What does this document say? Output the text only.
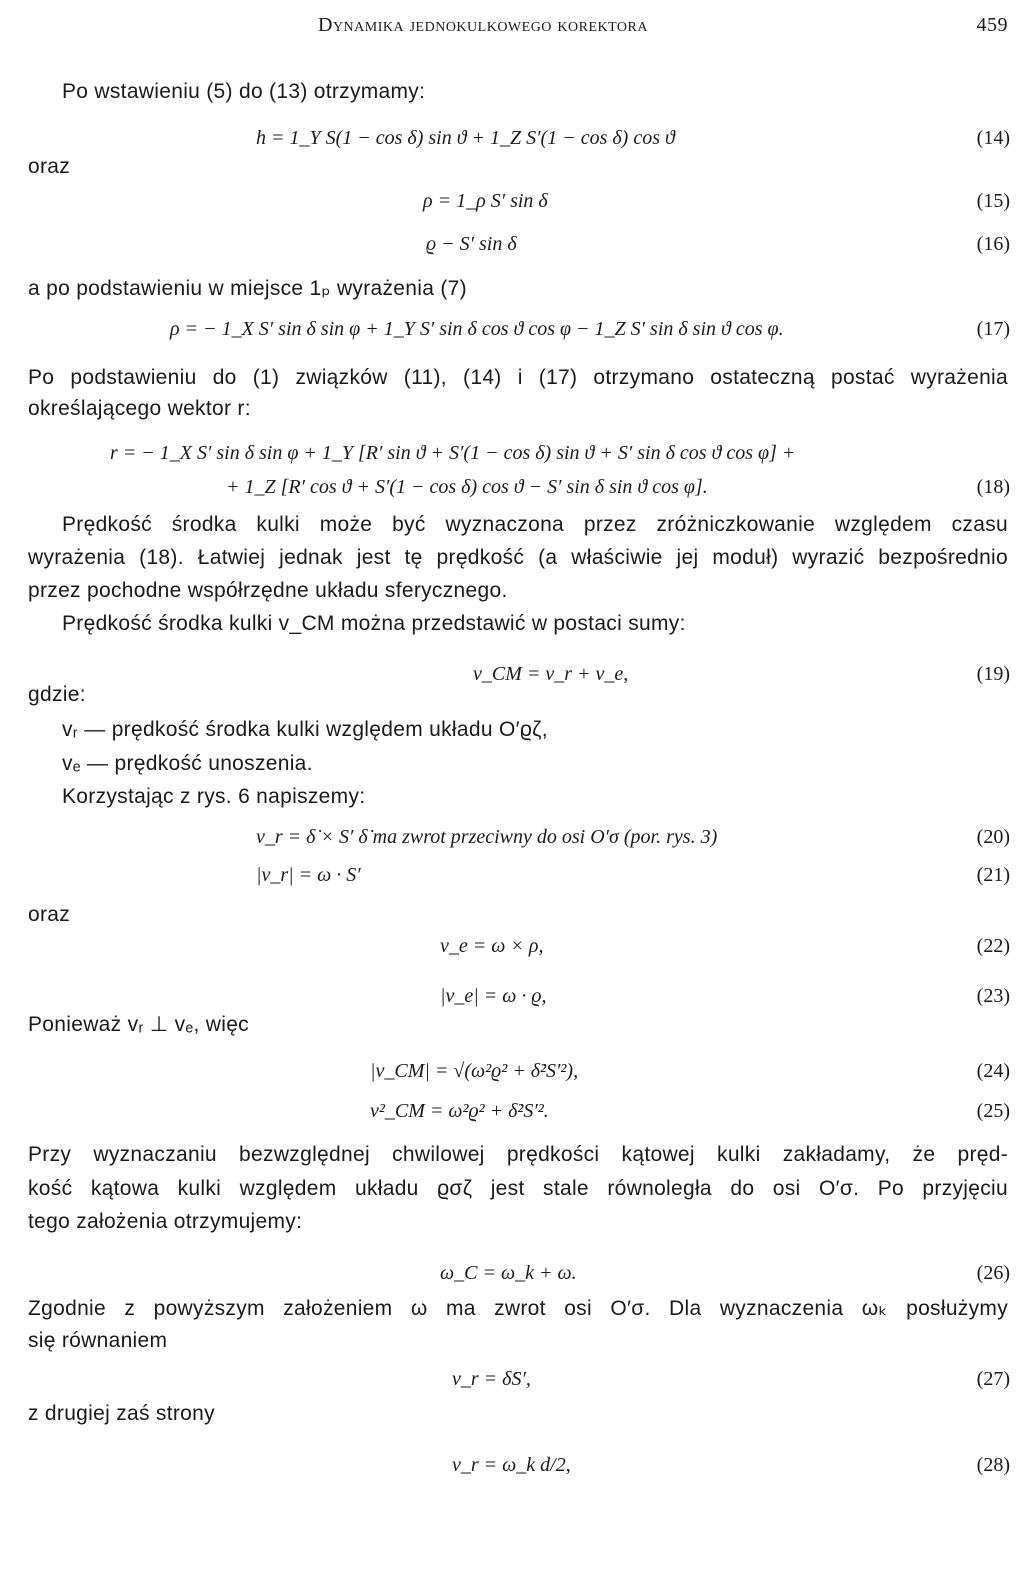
Dynamika jednokulkowego korektora	459
Po wstawieniu (5) do (13) otrzymamy:
h = 1_Y S(1 − cos δ) sin ϑ + 1_Z S′(1 − cos δ) cos ϑ	(14)
oraz
ρ = 1_ρ S′ sin δ	(15)
ϱ − S′ sin δ	(16)
a po podstawieniu w miejsce 1ₚ wyrażenia (7)
ρ = − 1_X S′ sin δ sin φ + 1_Y S′ sin δ cos ϑ cos φ − 1_Z S′ sin δ sin ϑ cos φ.	(17)
Po podstawieniu do (1) związków (11), (14) i (17) otrzymano ostateczną postać wyrażenia
określającego wektor r:
r = − 1_X S′ sin δ sin φ + 1_Y [R′ sin ϑ + S′(1 − cos δ) sin ϑ + S′ sin δ cos ϑ cos φ] +
+ 1_Z [R′ cos ϑ + S′(1 − cos δ) cos ϑ − S′ sin δ sin ϑ cos φ].	(18)
Prędkość środka kulki może być wyznaczona przez zróżniczkowanie względem czasu
wyrażenia (18). Łatwiej jednak jest tę prędkość (a właściwie jej moduł) wyrazić bezpośrednio
przez pochodne współrzędne układu sferycznego.
Prędkość środka kulki v_CM można przedstawić w postaci sumy:
v_CM = v_r + v_e,	(19)
gdzie:
vᵣ — prędkość środka kulki względem układu O′ϱζ,
vₑ — prędkość unoszenia.
Korzystając z rys. 6 napiszemy:
v_r = δ̇ × S′ δ̇ ma zwrot przeciwny do osi O′σ (por. rys. 3)	(20)
|v_r| = ω · S′	(21)
oraz
v_e = ω × ρ,	(22)
|v_e| = ω · ϱ,	(23)
Ponieważ vᵣ ⊥ vₑ, więc
|v_CM| = √(ω²ϱ² + δ̇²S′²),	(24)
v²_CM = ω²ϱ² + δ̇²S′².	(25)
Przy wyznaczaniu bezwzględnej chwilowej prędkości kątowej kulki zakładamy, że pręd-
kość kątowa kulki względem układu ϱσζ jest stale równoległa do osi O′σ. Po przyjęciu
tego założenia otrzymujemy:
ω_C = ω_k + ω.	(26)
Zgodnie z powyższym założeniem ω ma zwrot osi O′σ. Dla wyznaczenia ωₖ posłużymy
się równaniem
v_r = δ̇S′,	(27)
z drugiej zaś strony
v_r = ω_k d/2,	(28)
